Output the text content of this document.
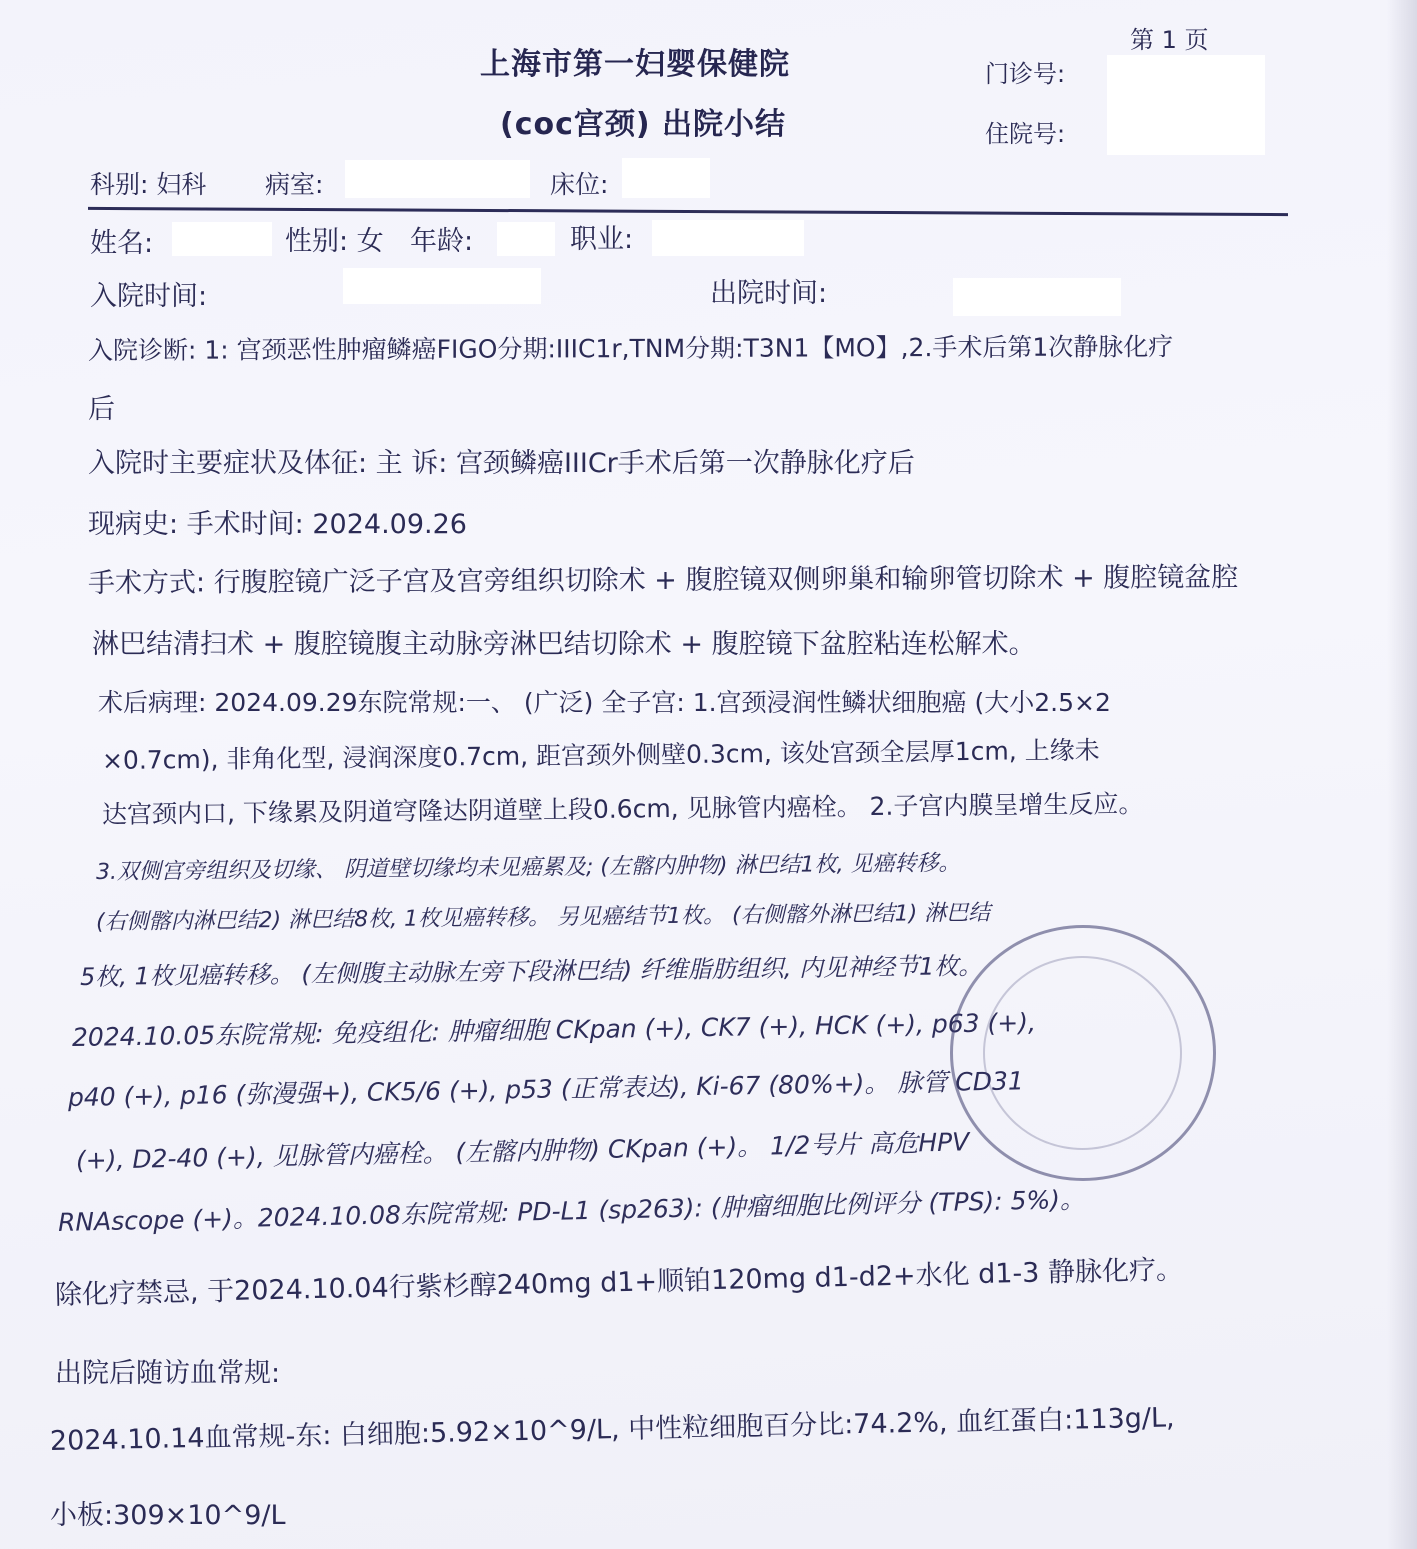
上海市第一妇婴保健院
(coc宫颈) 出院小结
第 1 页
门诊号:
住院号:
科别: 妇科 病室:	床位:
姓名:	性别: 女 年龄:	职业:
入院时间:	出院时间:
入院诊断: 1: 宫颈恶性肿瘤鳞癌FIGO分期:IIIC1r,TNM分期:T3N1【MO】,2.手术后第1次静脉化疗
后
入院时主要症状及体征: 主 诉: 宫颈鳞癌IIICr手术后第一次静脉化疗后
现病史: 手术时间: 2024.09.26
手术方式: 行腹腔镜广泛子宫及宫旁组织切除术 + 腹腔镜双侧卵巢和输卵管切除术 + 腹腔镜盆腔
淋巴结清扫术 + 腹腔镜腹主动脉旁淋巴结切除术 + 腹腔镜下盆腔粘连松解术。
术后病理: 2024.09.29东院常规:一、 (广泛) 全子宫: 1.宫颈浸润性鳞状细胞癌 (大小2.5×2
×0.7cm), 非角化型, 浸润深度0.7cm, 距宫颈外侧壁0.3cm, 该处宫颈全层厚1cm, 上缘未
达宫颈内口, 下缘累及阴道穹隆达阴道壁上段0.6cm, 见脉管内癌栓。 2.子宫内膜呈增生反应。
3.双侧宫旁组织及切缘、 阴道壁切缘均未见癌累及; (左髂内肿物) 淋巴结1枚, 见癌转移。
(右侧髂内淋巴结2) 淋巴结8枚, 1枚见癌转移。 另见癌结节1枚。 (右侧髂外淋巴结1) 淋巴结
5枚, 1枚见癌转移。 (左侧腹主动脉左旁下段淋巴结) 纤维脂肪组织, 内见神经节1枚。
2024.10.05东院常规: 免疫组化: 肿瘤细胞 CKpan (+), CK7 (+), HCK (+), p63 (+),
p40 (+), p16 (弥漫强+), CK5/6 (+), p53 (正常表达), Ki-67 (80%+)。 脉管 CD31
(+), D2-40 (+), 见脉管内癌栓。 (左髂内肿物) CKpan (+)。 1/2号片 高危HPV
RNAscope (+)。2024.10.08东院常规: PD-L1 (sp263): (肿瘤细胞比例评分 (TPS): 5%)。
除化疗禁忌, 于2024.10.04行紫杉醇240mg d1+顺铂120mg d1-d2+水化 d1-3 静脉化疗。
出院后随访血常规:
2024.10.14血常规-东: 白细胞:5.92×10^9/L, 中性粒细胞百分比:74.2%, 血红蛋白:113g/L,
小板:309×10^9/L
